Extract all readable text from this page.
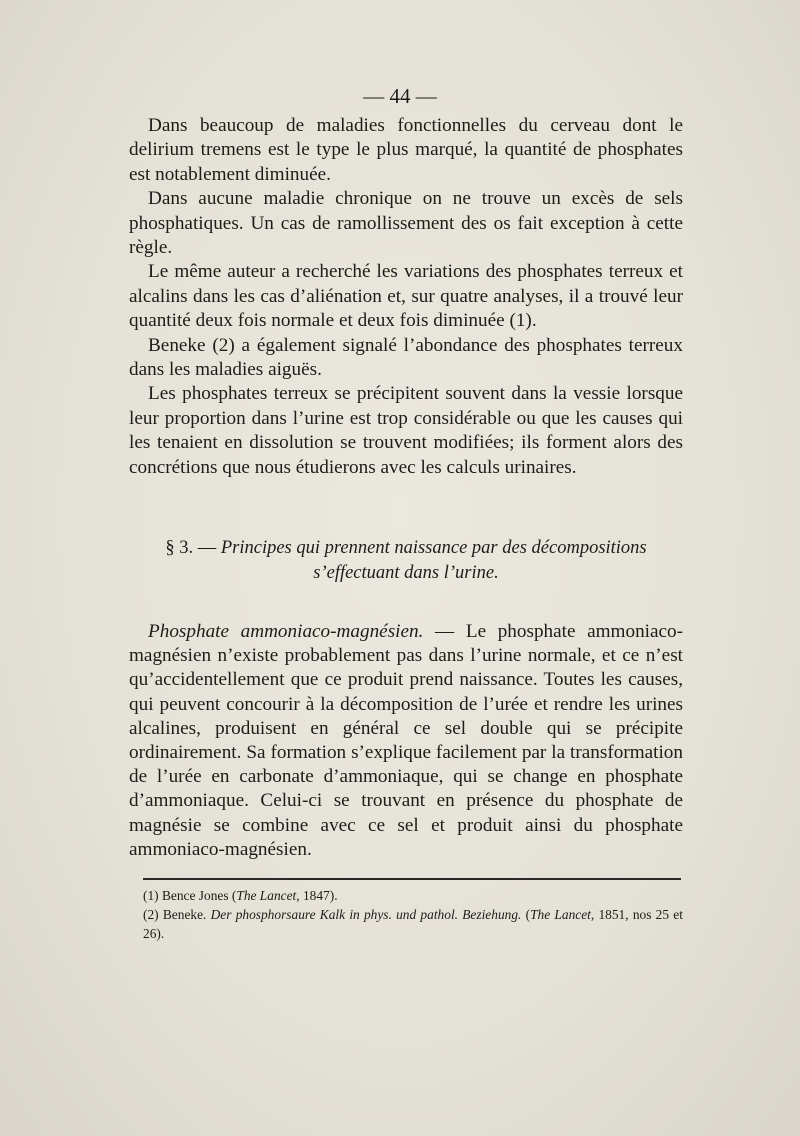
— 44 —

Dans beaucoup de maladies fonctionnelles du cerveau dont le delirium tremens est le type le plus marqué, la quantité de phosphates est notablement diminuée.

Dans aucune maladie chronique on ne trouve un excès de sels phosphatiques. Un cas de ramollissement des os fait exception à cette règle.

Le même auteur a recherché les variations des phosphates terreux et alcalins dans les cas d’aliénation et, sur quatre analyses, il a trouvé leur quantité deux fois normale et deux fois diminuée (1).

Beneke (2) a également signalé l’abondance des phosphates terreux dans les maladies aiguës.

Les phosphates terreux se précipitent souvent dans la vessie lorsque leur proportion dans l’urine est trop considérable ou que les causes qui les tenaient en dissolution se trouvent modifiées; ils forment alors des concrétions que nous étudierons avec les calculs urinaires.

§ 3. — Principes qui prennent naissance par des décompositions s’effectuant dans l’urine.

Phosphate ammoniaco-magnésien. — Le phosphate ammoniaco-magnésien n’existe probablement pas dans l’urine normale, et ce n’est qu’accidentellement que ce produit prend naissance. Toutes les causes, qui peuvent concourir à la décomposition de l’urée et rendre les urines alcalines, produisent en général ce sel double qui se précipite ordinairement. Sa formation s’explique facilement par la transformation de l’urée en carbonate d’ammoniaque, qui se change en phosphate d’ammoniaque. Celui-ci se trouvant en présence du phosphate de magnésie se combine avec ce sel et produit ainsi du phosphate ammoniaco-magnésien.

(1) Bence Jones (The Lancet, 1847).

(2) Beneke. Der phosphorsaure Kalk in phys. und pathol. Beziehung. (The Lancet, 1851, nos 25 et 26).
